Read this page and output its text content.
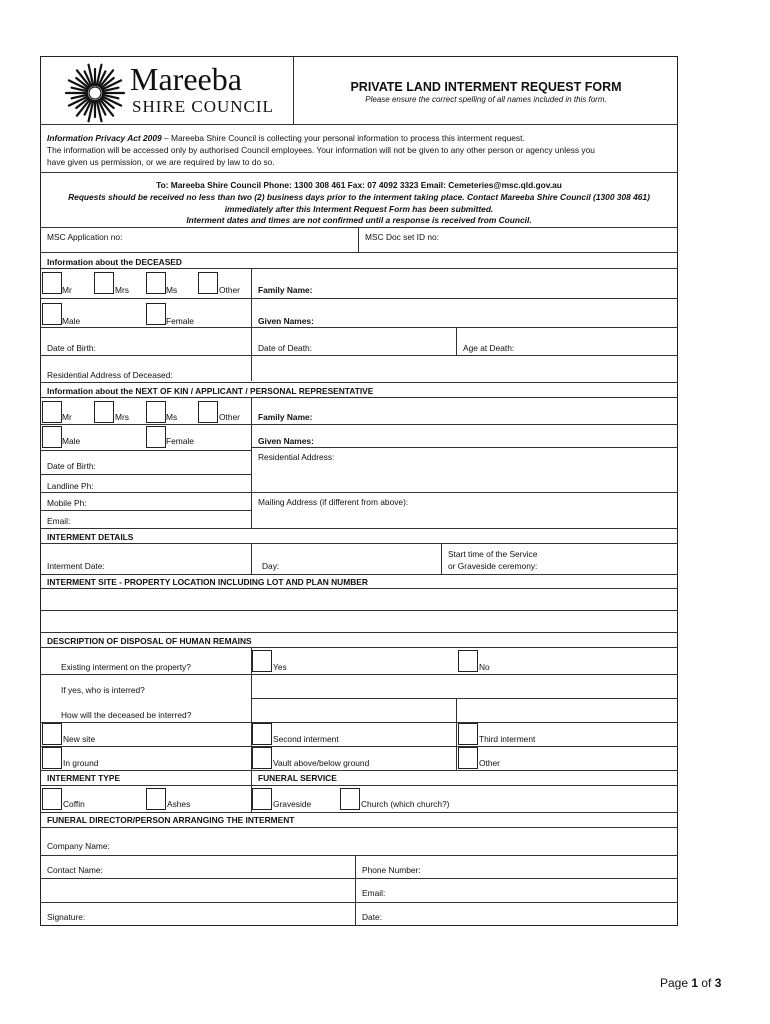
Mareeba
SHIRE COUNCIL
PRIVATE LAND INTERMENT REQUEST FORM
Please ensure the correct spelling of all names included in this form.
Information Privacy Act 2009 – Mareeba Shire Council is collecting your personal information to process this interment request.
The information will be accessed only by authorised Council employees. Your information will not be given to any other person or agency unless you
have given us permission, or we are required by law to do so.
To: Mareeba Shire Council Phone: 1300 308 461 Fax: 07 4092 3323 Email: Cemeteries@msc.qld.gov.au
Requests should be received no less than two (2) business days prior to the interment taking place. Contact Mareeba Shire Council (1300 308 461)
immediately after this Interment Request Form has been submitted.
Interment dates and times are not confirmed until a response is received from Council.
MSC Application no:	MSC Doc set ID no:
Information about the DECEASED
Mr	Mrs	Ms	Other Family Name:
Male	Female	Given Names:
Date of Birth:	Date of Death:	Age at Death:
Residential Address of Deceased:
Information about the NEXT OF KIN / APPLICANT / PERSONAL REPRESENTATIVE
Mr	Mrs	Ms	Other Family Name:
Male	Female	Given Names:
Residential Address:
Date of Birth:
Landline Ph:
Mobile Ph:	Mailing Address (if different from above):
Email:
INTERMENT DETAILS
Interment Date:	Day:
Start time of the Service
or Graveside ceremony:
INTERMENT SITE - PROPERTY LOCATION INCLUDING LOT AND PLAN NUMBER
DESCRIPTION OF DISPOSAL OF HUMAN REMAINS
Existing interment on the property?	Yes	No
If yes, who is interred?
How will the deceased be interred?
New site	Second interment	Third interment
In ground	Vault above/below ground	Other
INTERMENT TYPE	FUNERAL SERVICE
Coffin	Ashes	Graveside	Church (which church?)
FUNERAL DIRECTOR/PERSON ARRANGING THE INTERMENT
Company Name:
Contact Name:	Phone Number:
Email:
Signature:	Date:
Page 1 of 3
